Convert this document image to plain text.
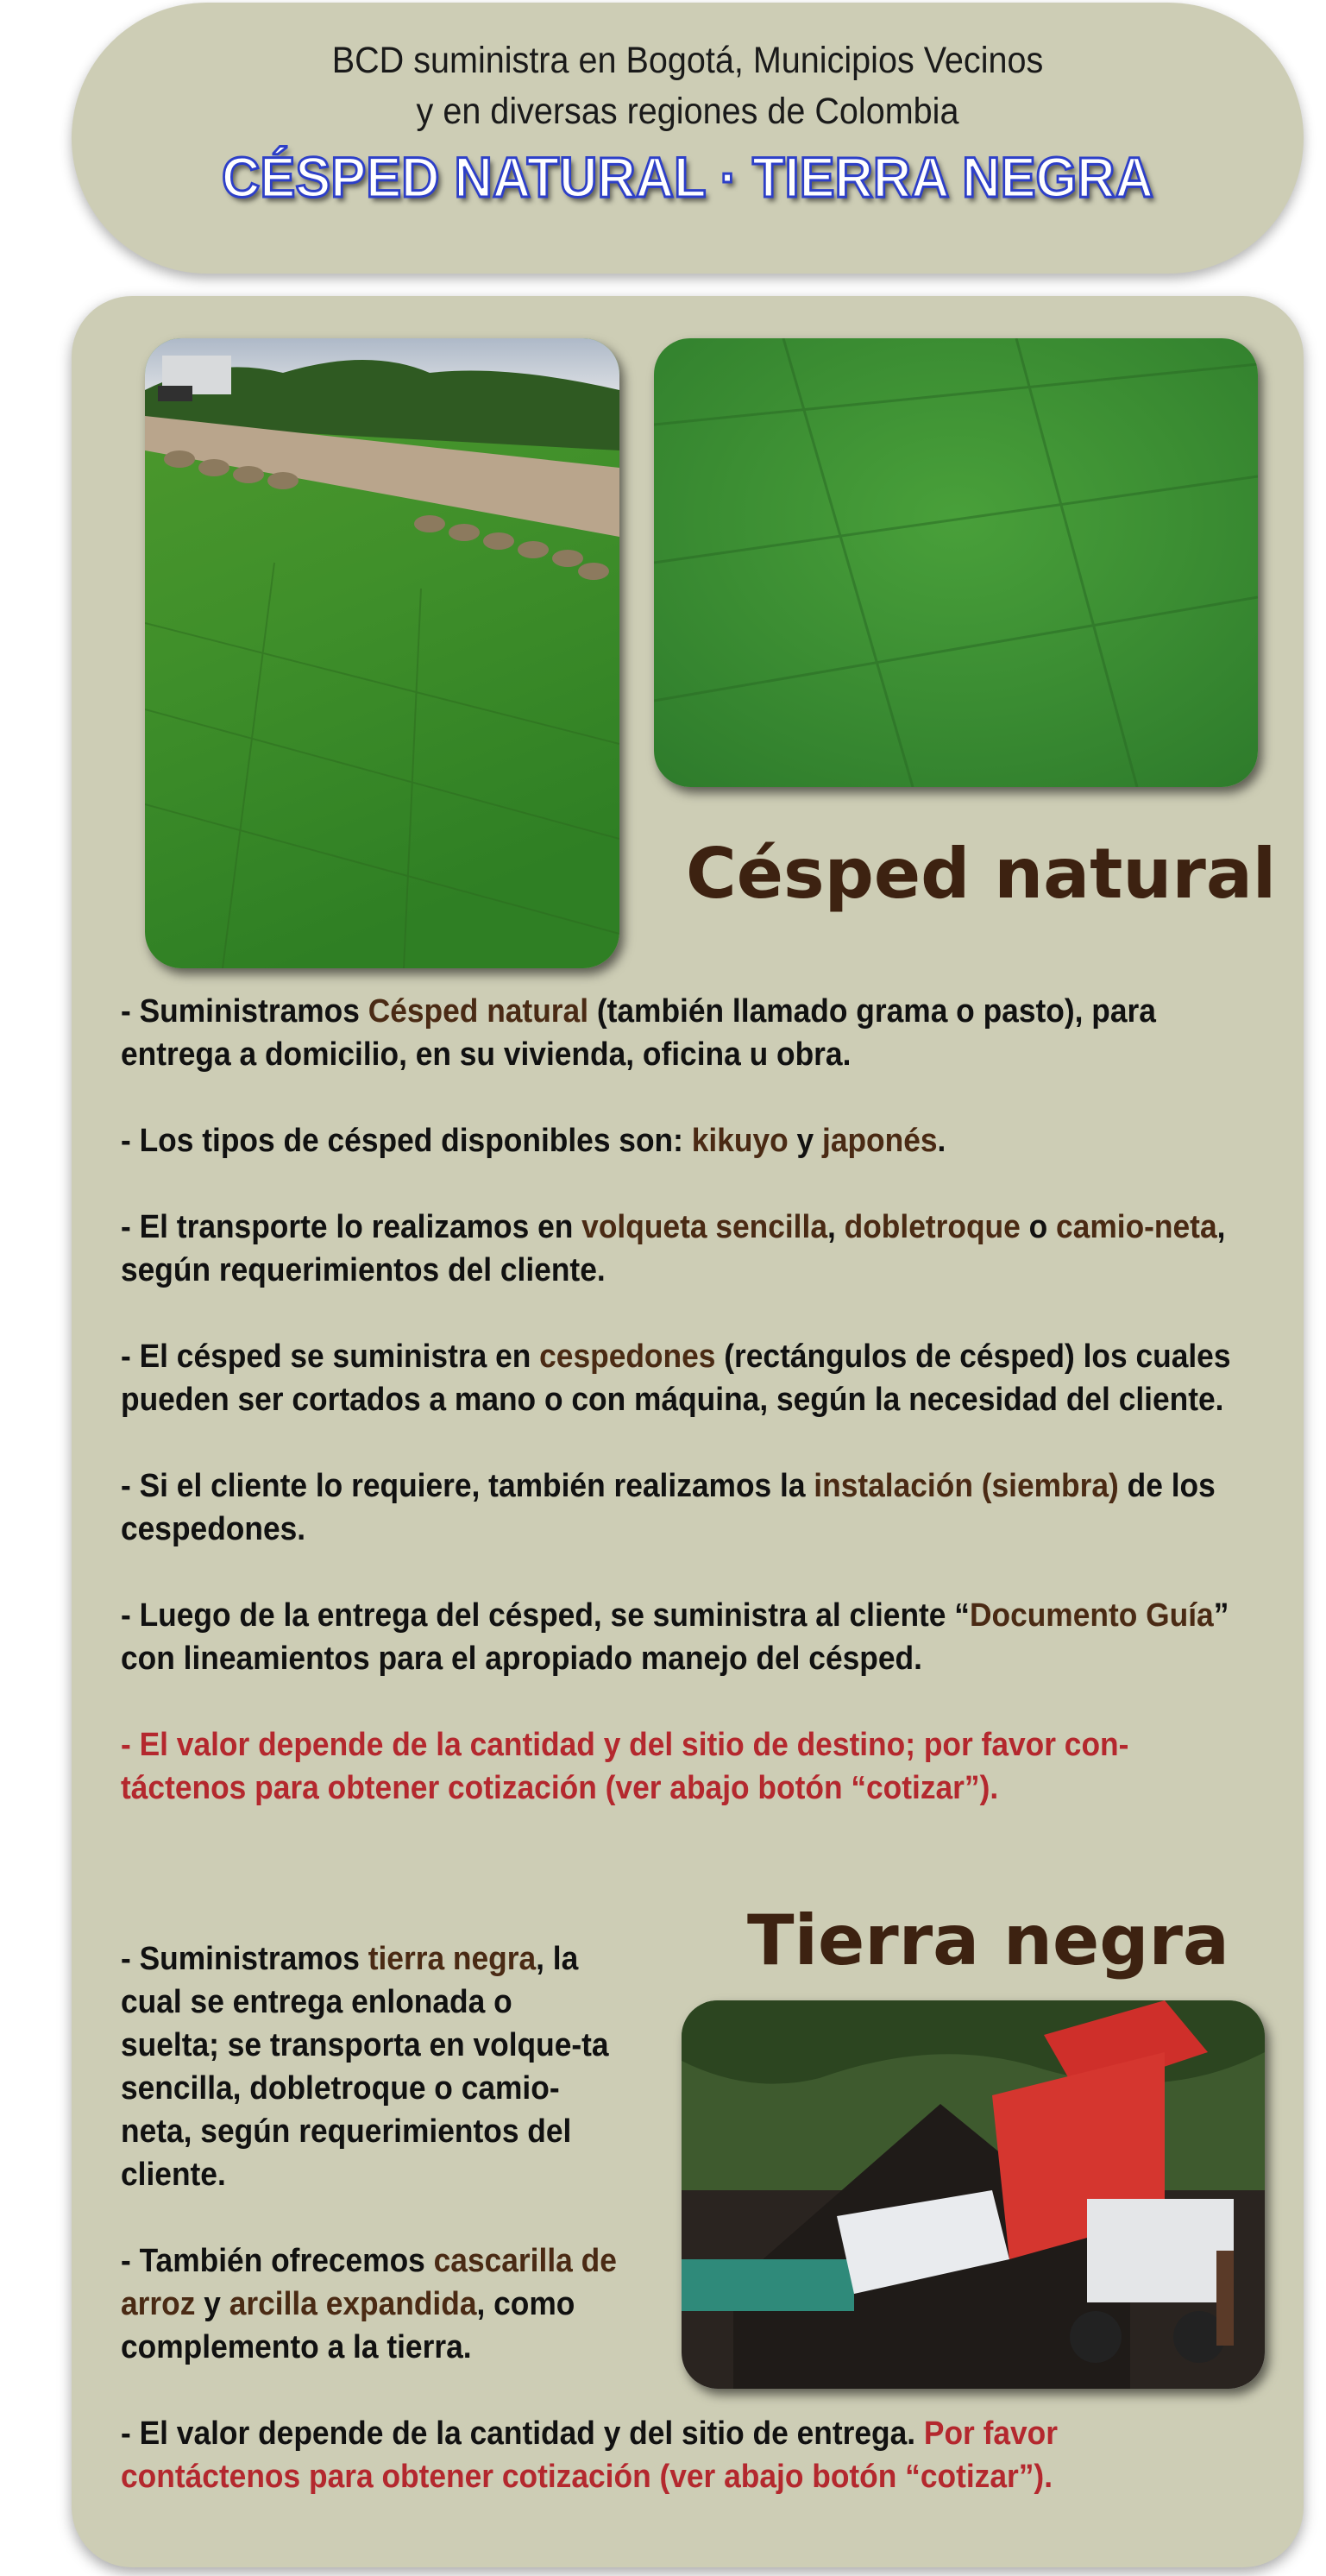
BCD suministra en Bogotá, Municipios Vecinos
y en diversas regiones de Colombia
CÉSPED NATURAL · TIERRA NEGRA
Césped natural

- Suministramos Césped natural (también llamado grama o pasto), para entrega a domicilio, en su vivienda, oficina u obra.

- Los tipos de césped disponibles son: kikuyo y japonés.

- El transporte lo realizamos en volqueta sencilla, dobletroque o camio-neta, según requerimientos del cliente.

- El césped se suministra en cespedones (rectángulos de césped) los cuales pueden ser cortados a mano o con máquina, según la necesidad del cliente.

- Si el cliente lo requiere, también realizamos la instalación (siembra) de los cespedones.

- Luego de la entrega del césped, se suministra al cliente “Documento Guía” con lineamientos para el apropiado manejo del césped.

- El valor depende de la cantidad y del sitio de destino; por favor con-táctenos para obtener cotización (ver abajo botón “cotizar”).

Tierra negra

- Suministramos tierra negra, la cual se entrega enlonada o suelta; se transporta en volque-ta sencilla, dobletroque o camio-neta, según requerimientos del cliente.

- También ofrecemos cascarilla de arroz y arcilla expandida, como complemento a la tierra.

- El valor depende de la cantidad y del sitio de entrega. Por favor contáctenos para obtener cotización (ver abajo botón “cotizar”).
